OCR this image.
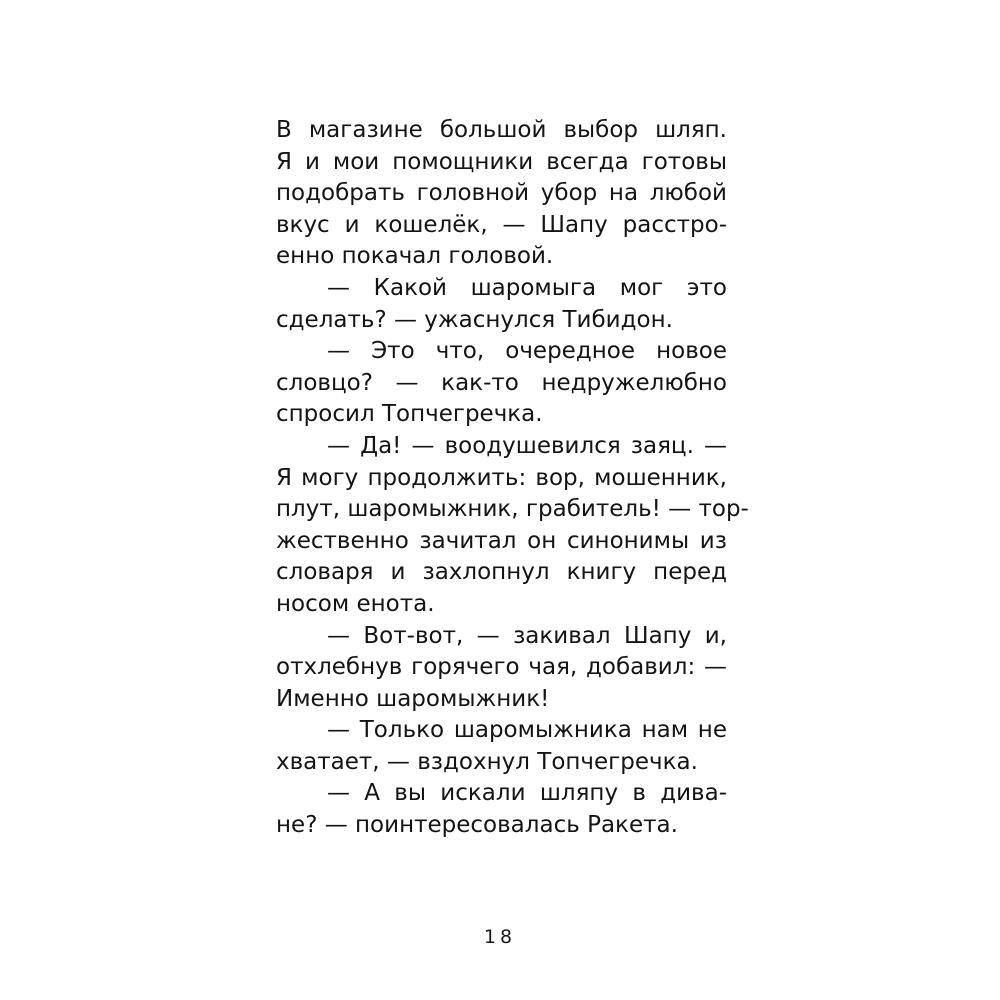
В магазине большой выбор шляп.
Я и мои помощники всегда готовы
подобрать головной убор на любой
вкус и кошелёк, — Шапу расстро-
енно покачал головой.
— Какой шаромыга мог это
сделать? — ужаснулся Тибидон.
— Это что, очередное новое
словцо? — как-то недружелюбно
спросил Топчегречка.
— Да! — воодушевился заяц. —
Я могу продолжить: вор, мошенник,
плут, шаромыжник, грабитель! — тор-
жественно зачитал он синонимы из
словаря и захлопнул книгу перед
носом енота.
— Вот-вот, — закивал Шапу и,
отхлебнув горячего чая, добавил: —
Именно шаромыжник!
— Только шаромыжника нам не
хватает, — вздохнул Топчегречка.
— А вы искали шляпу в дива-
не? — поинтересовалась Ракета.
18
